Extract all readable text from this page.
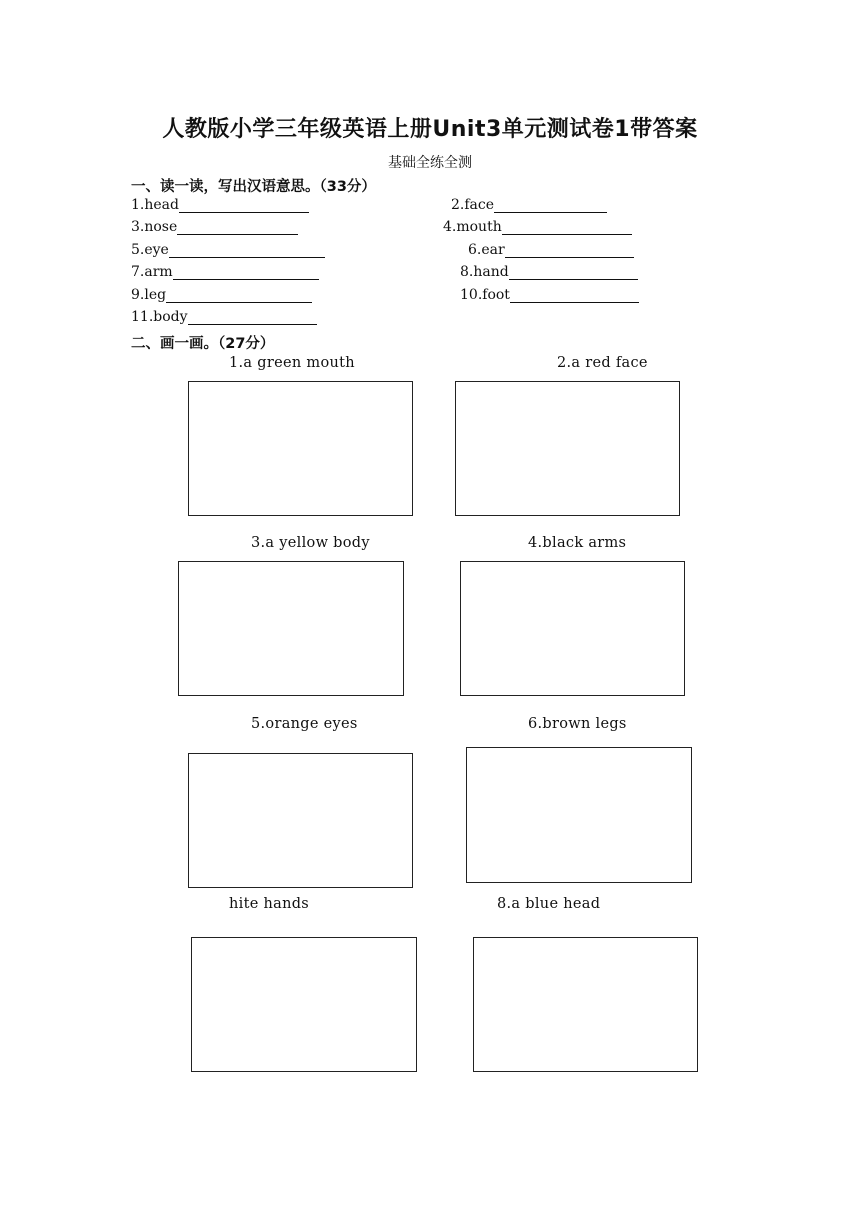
人教版小学三年级英语上册Unit3单元测试卷1带答案
基础全练全测
一、读一读，写出汉语意思。（33分）
1.head	2.face
3.nose	4.mouth
5.eye	6.ear
7.arm	8.hand
9.leg	10.foot
11.body
二、画一画。（27分）
1.a green mouth	2.a red face
3.a yellow body	4.black arms
5.orange eyes	6.brown legs
hite hands	8.a blue head
